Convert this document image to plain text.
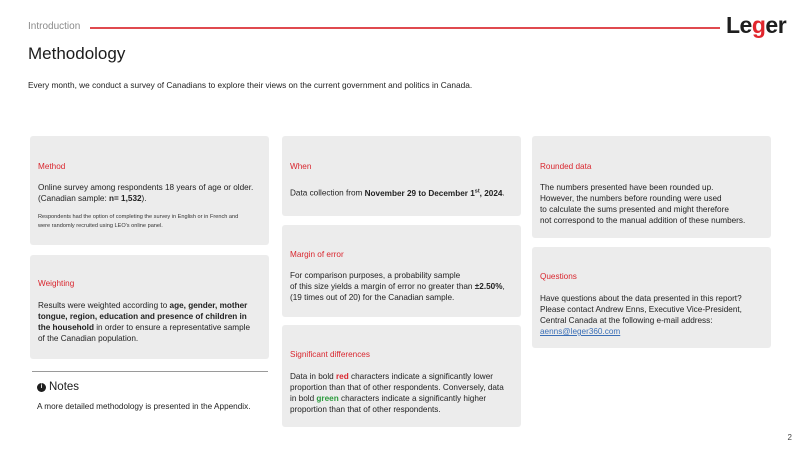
Introduction	Leger
Methodology
Every month, we conduct a survey of Canadians to explore their views on the current government and politics in Canada.
Method
Online survey among respondents 18 years of age or older.
(Canadian sample: n= 1,532).
Respondents had the option of completing the survey in English or in French and
were randomly recruited using LEO's online panel.
Weighting
Results were weighted according to age, gender, mother
tongue, region, education and presence of children in
the household in order to ensure a representative sample
of the Canadian population.
i Notes
A more detailed methodology is presented in the Appendix.
When
Data collection from November 29 to December 1st, 2024.
Margin of error
For comparison purposes, a probability sample
of this size yields a margin of error no greater than ±2.50%,
(19 times out of 20) for the Canadian sample.
Significant differences
Data in bold red characters indicate a significantly lower
proportion than that of other respondents. Conversely, data
in bold green characters indicate a significantly higher
proportion than that of other respondents.
Rounded data
The numbers presented have been rounded up.
However, the numbers before rounding were used
to calculate the sums presented and might therefore
not correspond to the manual addition of these numbers.
Questions
Have questions about the data presented in this report?
Please contact Andrew Enns, Executive Vice-President,
Central Canada at the following e-mail address:
aenns@leger360.com
2
